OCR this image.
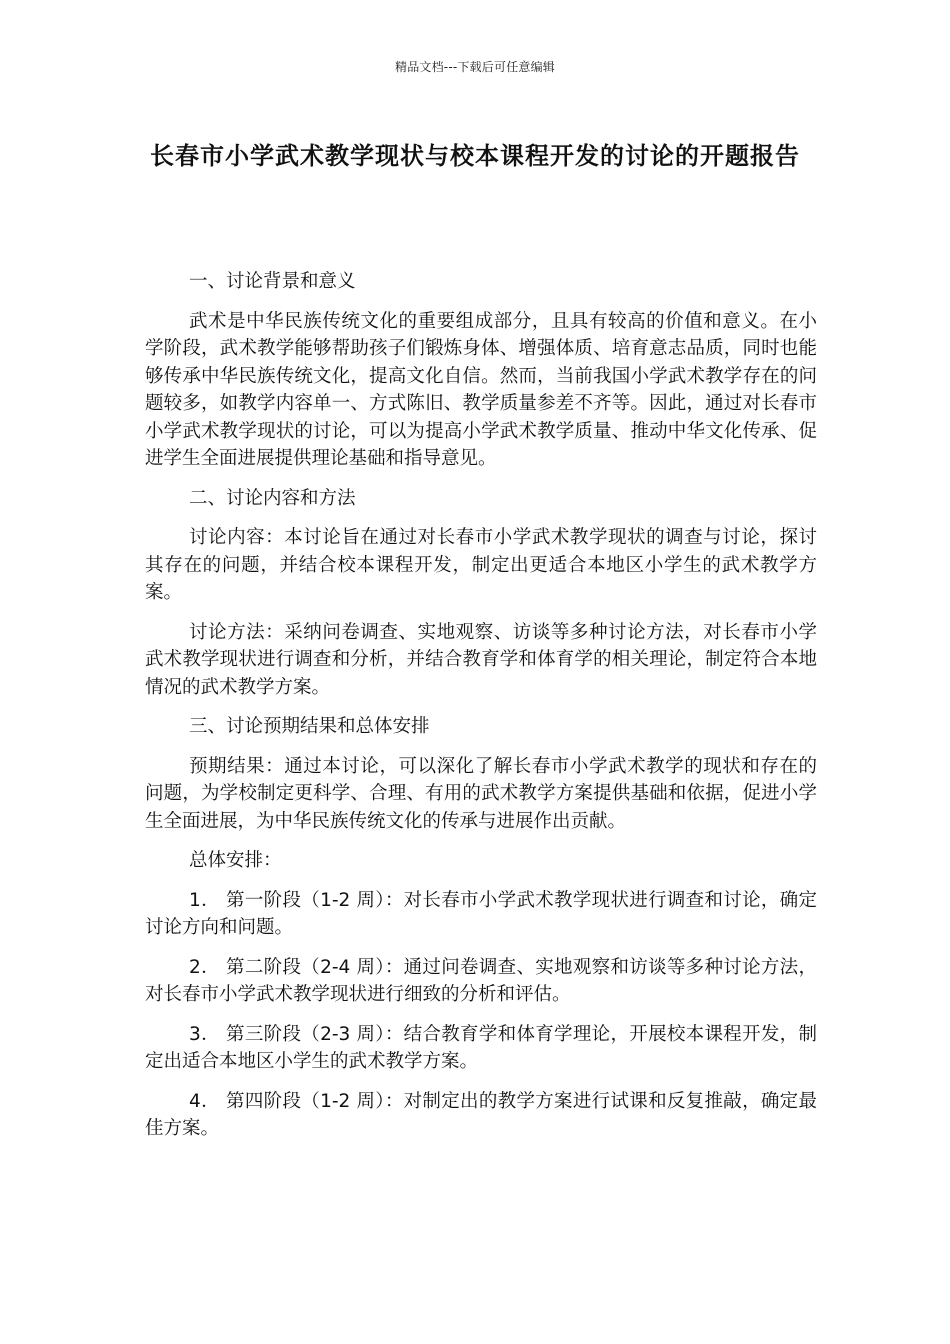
精品文档---下载后可任意编辑
长春市小学武术教学现状与校本课程开发的讨论的开题报告

一、讨论背景和意义

武术是中华民族传统文化的重要组成部分，且具有较高的价值和意义。在小学阶段，武术教学能够帮助孩子们锻炼身体、增强体质、培育意志品质，同时也能够传承中华民族传统文化，提高文化自信。然而，当前我国小学武术教学存在的问题较多，如教学内容单一、方式陈旧、教学质量参差不齐等。因此，通过对长春市小学武术教学现状的讨论，可以为提高小学武术教学质量、推动中华文化传承、促进学生全面进展提供理论基础和指导意见。

二、讨论内容和方法

讨论内容：本讨论旨在通过对长春市小学武术教学现状的调查与讨论，探讨其存在的问题，并结合校本课程开发，制定出更适合本地区小学生的武术教学方案。

讨论方法：采纳问卷调查、实地观察、访谈等多种讨论方法，对长春市小学武术教学现状进行调查和分析，并结合教育学和体育学的相关理论，制定符合本地情况的武术教学方案。

三、讨论预期结果和总体安排

预期结果：通过本讨论，可以深化了解长春市小学武术教学的现状和存在的问题，为学校制定更科学、合理、有用的武术教学方案提供基础和依据，促进小学生全面进展，为中华民族传统文化的传承与进展作出贡献。

总体安排：

1． 第一阶段（1-2 周）：对长春市小学武术教学现状进行调查和讨论，确定讨论方向和问题。

2． 第二阶段（2-4 周）：通过问卷调查、实地观察和访谈等多种讨论方法，对长春市小学武术教学现状进行细致的分析和评估。

3． 第三阶段（2-3 周）：结合教育学和体育学理论，开展校本课程开发，制定出适合本地区小学生的武术教学方案。

4． 第四阶段（1-2 周）：对制定出的教学方案进行试课和反复推敲，确定最佳方案。
